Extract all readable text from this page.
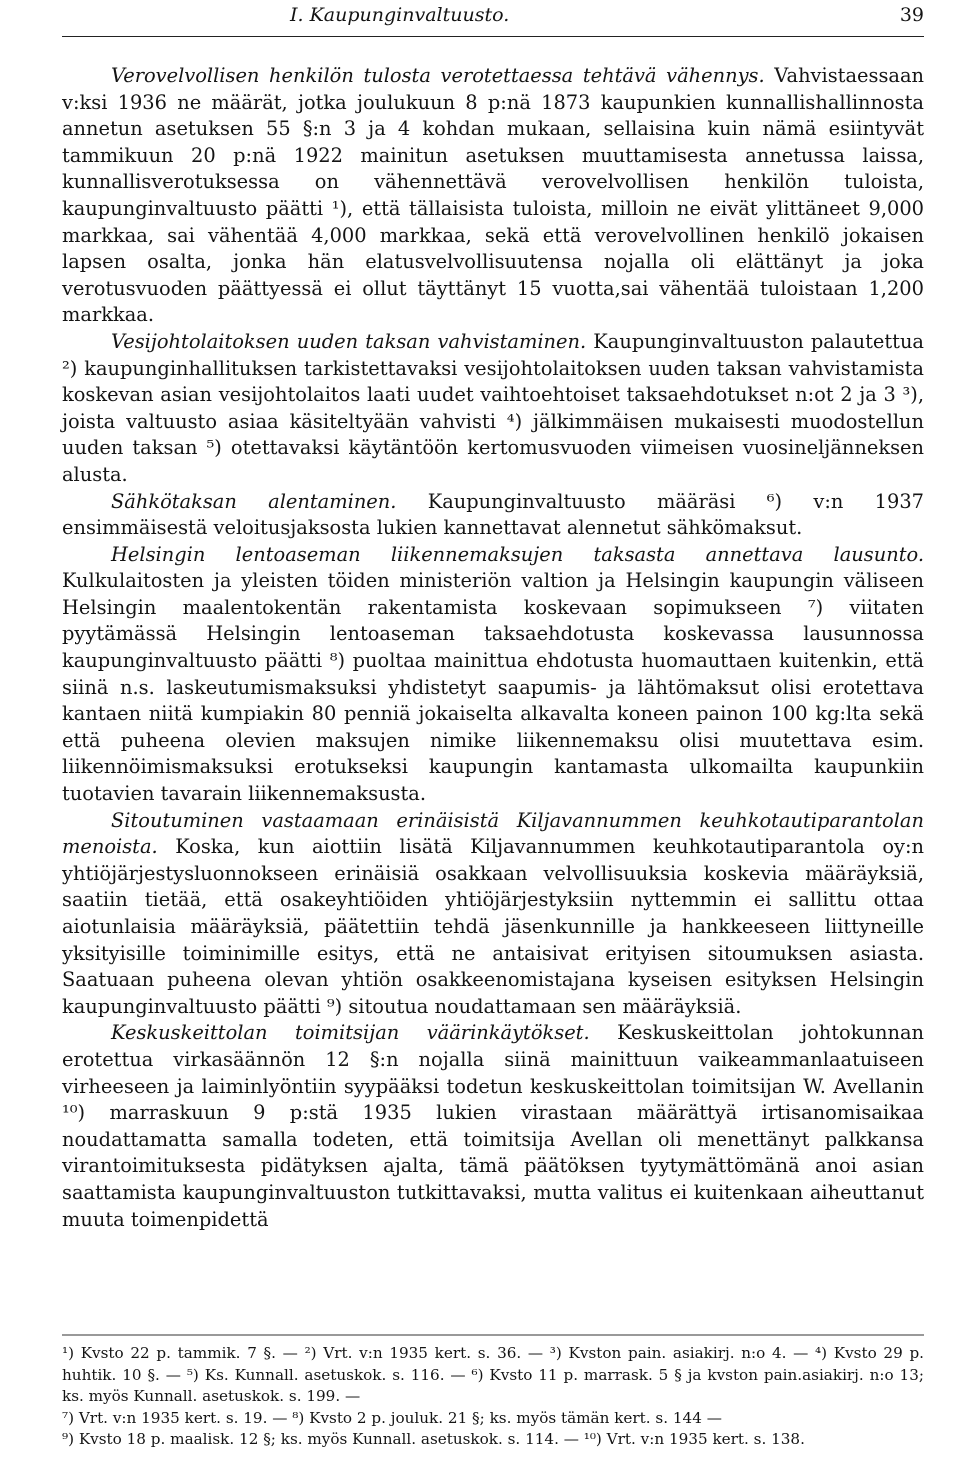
I. Kaupunginvaltuusto.	39

Verovelvollisen henkilön tulosta verotettaessa tehtävä vähennys. Vahvistaessaan v:ksi 1936 ne määrät, jotka joulukuun 8 p:nä 1873 kaupunkien kunnallishallinnosta annetun asetuksen 55 §:n 3 ja 4 kohdan mukaan, sellaisina kuin nämä esiintyvät tammikuun 20 p:nä 1922 mainitun asetuksen muuttamisesta annetussa laissa, kunnallisverotuksessa on vähennettävä verovelvollisen henkilön tuloista, kaupunginvaltuusto päätti ¹), että tällaisista tuloista, milloin ne eivät ylittäneet 9,000 markkaa, sai vähentää 4,000 markkaa, sekä että verovelvollinen henkilö jokaisen lapsen osalta, jonka hän elatusvelvollisuutensa nojalla oli elättänyt ja joka verotusvuoden päättyessä ei ollut täyttänyt 15 vuotta,sai vähentää tuloistaan 1,200 markkaa.

Vesijohtolaitoksen uuden taksan vahvistaminen. Kaupunginvaltuuston palautettua ²) kaupunginhallituksen tarkistettavaksi vesijohtolaitoksen uuden taksan vahvistamista koskevan asian vesijohtolaitos laati uudet vaihtoehtoiset taksaehdotukset n:ot 2 ja 3 ³), joista valtuusto asiaa käsiteltyään vahvisti ⁴) jälkimmäisen mukaisesti muodostellun uuden taksan ⁵) otettavaksi käytäntöön kertomusvuoden viimeisen vuosineljänneksen alusta.

Sähkötaksan alentaminen. Kaupunginvaltuusto määräsi ⁶) v:n 1937 ensimmäisestä veloitusjaksosta lukien kannettavat alennetut sähkömaksut.

Helsingin lentoaseman liikennemaksujen taksasta annettava lausunto. Kulkulaitosten ja yleisten töiden ministeriön valtion ja Helsingin kaupungin väliseen Helsingin maalentokentän rakentamista koskevaan sopimukseen ⁷) viitaten pyytämässä Helsingin lentoaseman taksaehdotusta koskevassa lausunnossa kaupunginvaltuusto päätti ⁸) puoltaa mainittua ehdotusta huomauttaen kuitenkin, että siinä n.s. laskeutumismaksuksi yhdistetyt saapumis- ja lähtömaksut olisi erotettava kantaen niitä kumpiakin 80 penniä jokaiselta alkavalta koneen painon 100 kg:lta sekä että puheena olevien maksujen nimike liikennemaksu olisi muutettava esim. liikennöimismaksuksi erotukseksi kaupungin kantamasta ulkomailta kaupunkiin tuotavien tavarain liikennemaksusta.

Sitoutuminen vastaamaan erinäisistä Kiljavannummen keuhkotautiparantolan menoista. Koska, kun aiottiin lisätä Kiljavannummen keuhkotautiparantola oy:n yhtiöjärjestysluonnokseen erinäisiä osakkaan velvollisuuksia koskevia määräyksiä, saatiin tietää, että osakeyhtiöiden yhtiöjärjestyksiin nyttemmin ei sallittu ottaa aiotunlaisia määräyksiä, päätettiin tehdä jäsenkunnille ja hankkeeseen liittyneille yksityisille toiminimille esitys, että ne antaisivat erityisen sitoumuksen asiasta. Saatuaan puheena olevan yhtiön osakkeenomistajana kyseisen esityksen Helsingin kaupunginvaltuusto päätti ⁹) sitoutua noudattamaan sen määräyksiä.

Keskuskeittolan toimitsijan väärinkäytökset. Keskuskeittolan johtokunnan erotettua virkasäännön 12 §:n nojalla siinä mainittuun vaikeammanlaatuiseen virheeseen ja laiminlyöntiin syypääksi todetun keskuskeittolan toimitsijan W. Avellanin ¹⁰) marraskuun 9 p:stä 1935 lukien virastaan määrättyä irtisanomisaikaa noudattamatta samalla todeten, että toimitsija Avellan oli menettänyt palkkansa virantoimituksesta pidätyksen ajalta, tämä päätöksen tyytymättömänä anoi asian saattamista kaupunginvaltuuston tutkittavaksi, mutta valitus ei kuitenkaan aiheuttanut muuta toimenpidettä

¹) Kvsto 22 p. tammik. 7 §. — ²) Vrt. v:n 1935 kert. s. 36. — ³) Kvston pain. asiakirj. n:o 4. — ⁴) Kvsto 29 p. huhtik. 10 §. — ⁵) Ks. Kunnall. asetuskok. s. 116. — ⁶) Kvsto 11 p. marrask. 5 § ja kvston pain.asiakirj. n:o 13; ks. myös Kunnall. asetuskok. s. 199. —
⁷) Vrt. v:n 1935 kert. s. 19. — ⁸) Kvsto 2 p. jouluk. 21 §; ks. myös tämän kert. s. 144 —
⁹) Kvsto 18 p. maalisk. 12 §; ks. myös Kunnall. asetuskok. s. 114. — ¹⁰) Vrt. v:n 1935 kert. s. 138.
